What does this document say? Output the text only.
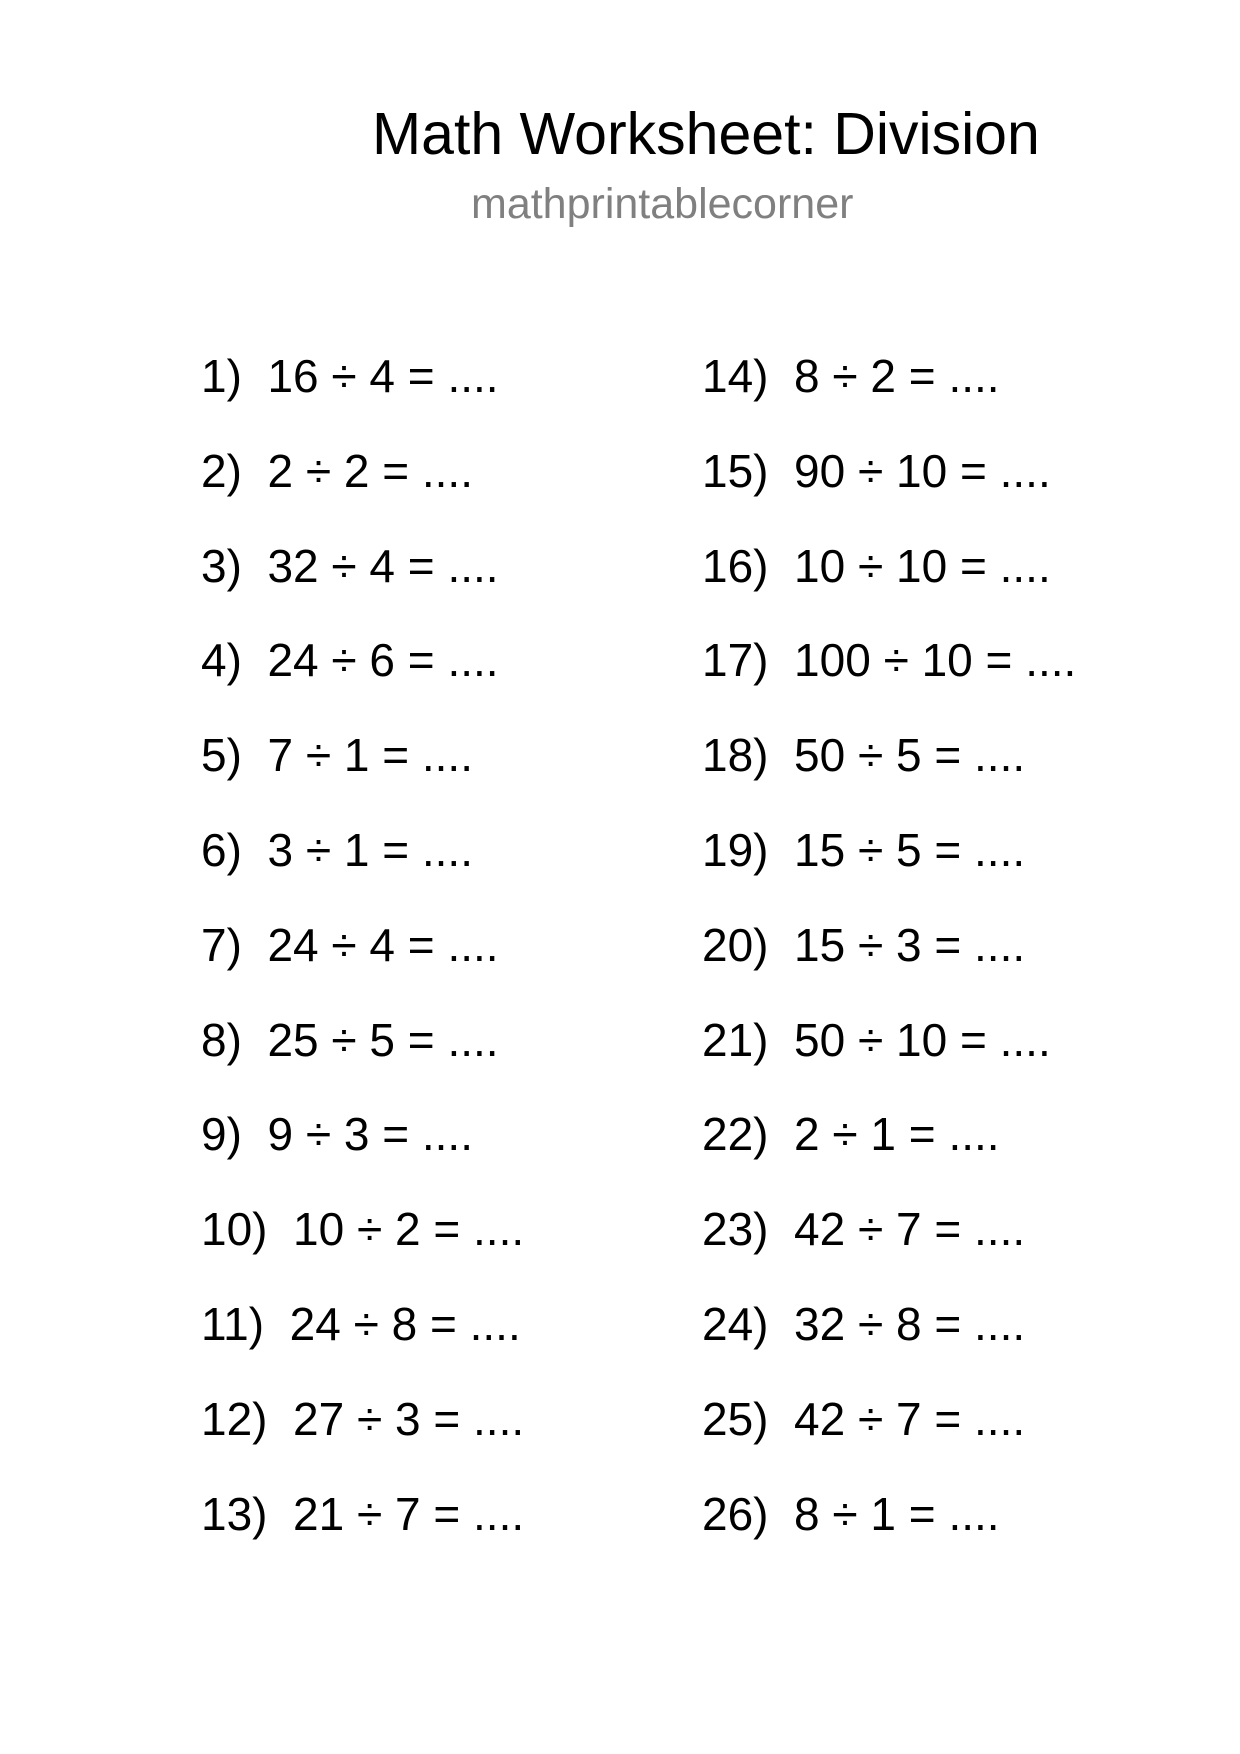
Math Worksheet: Division
mathprintablecorner
1)  16 ÷ 4 = ....
2)  2 ÷ 2 = ....
3)  32 ÷ 4 = ....
4)  24 ÷ 6 = ....
5)  7 ÷ 1 = ....
6)  3 ÷ 1 = ....
7)  24 ÷ 4 = ....
8)  25 ÷ 5 = ....
9)  9 ÷ 3 = ....
10)  10 ÷ 2 = ....
11)  24 ÷ 8 = ....
12)  27 ÷ 3 = ....
13)  21 ÷ 7 = ....
14)  8 ÷ 2 = ....
15)  90 ÷ 10 = ....
16)  10 ÷ 10 = ....
17)  100 ÷ 10 = ....
18)  50 ÷ 5 = ....
19)  15 ÷ 5 = ....
20)  15 ÷ 3 = ....
21)  50 ÷ 10 = ....
22)  2 ÷ 1 = ....
23)  42 ÷ 7 = ....
24)  32 ÷ 8 = ....
25)  42 ÷ 7 = ....
26)  8 ÷ 1 = ....
